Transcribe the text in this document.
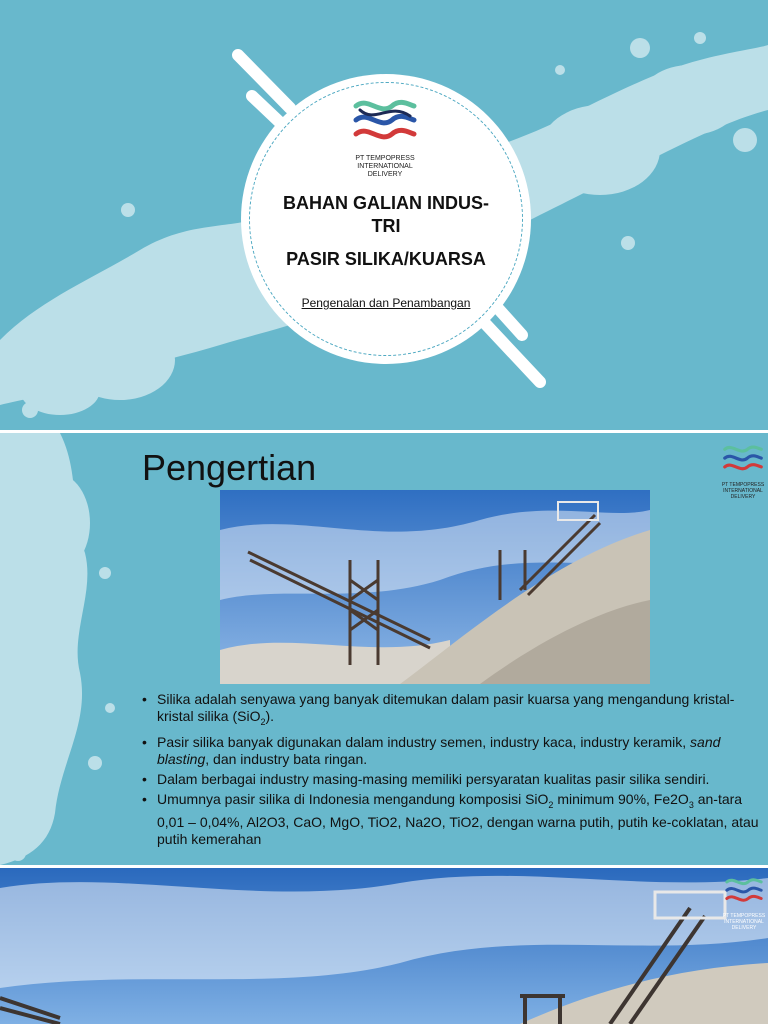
PT TEMPOPRESS
INTERNATIONAL
DELIVERY
BAHAN GALIAN INDUS-
TRI
PASIR SILIKA/KUARSA
Pengenalan dan Penambangan
Pengertian	PT TEMPOPRESS
INTERNATIONAL
DELIVERY
• Silika adalah senyawa yang banyak ditemukan dalam pasir kuarsa yang mengandung kristal-kristal silika (SiO$_2$).
• Pasir silika banyak digunakan dalam industry semen, industry kaca, industry keramik, sand blasting, dan industry bata ringan.
• Dalam berbagai industry masing-masing memiliki persyaratan kualitas pasir silika sendiri.
• Umumnya pasir silika di Indonesia mengandung komposisi SiO$_2$ minimum 90%, $Fe2O_3$ an-tara 0,01 – 0,04%, Al2O3, CaO, MgO, TiO2, Na2O, TiO2, dengan warna putih, putih ke-coklatan, atau putih kemerahan
PT TEMPOPRESS
INTERNATIONAL
DELIVERY
